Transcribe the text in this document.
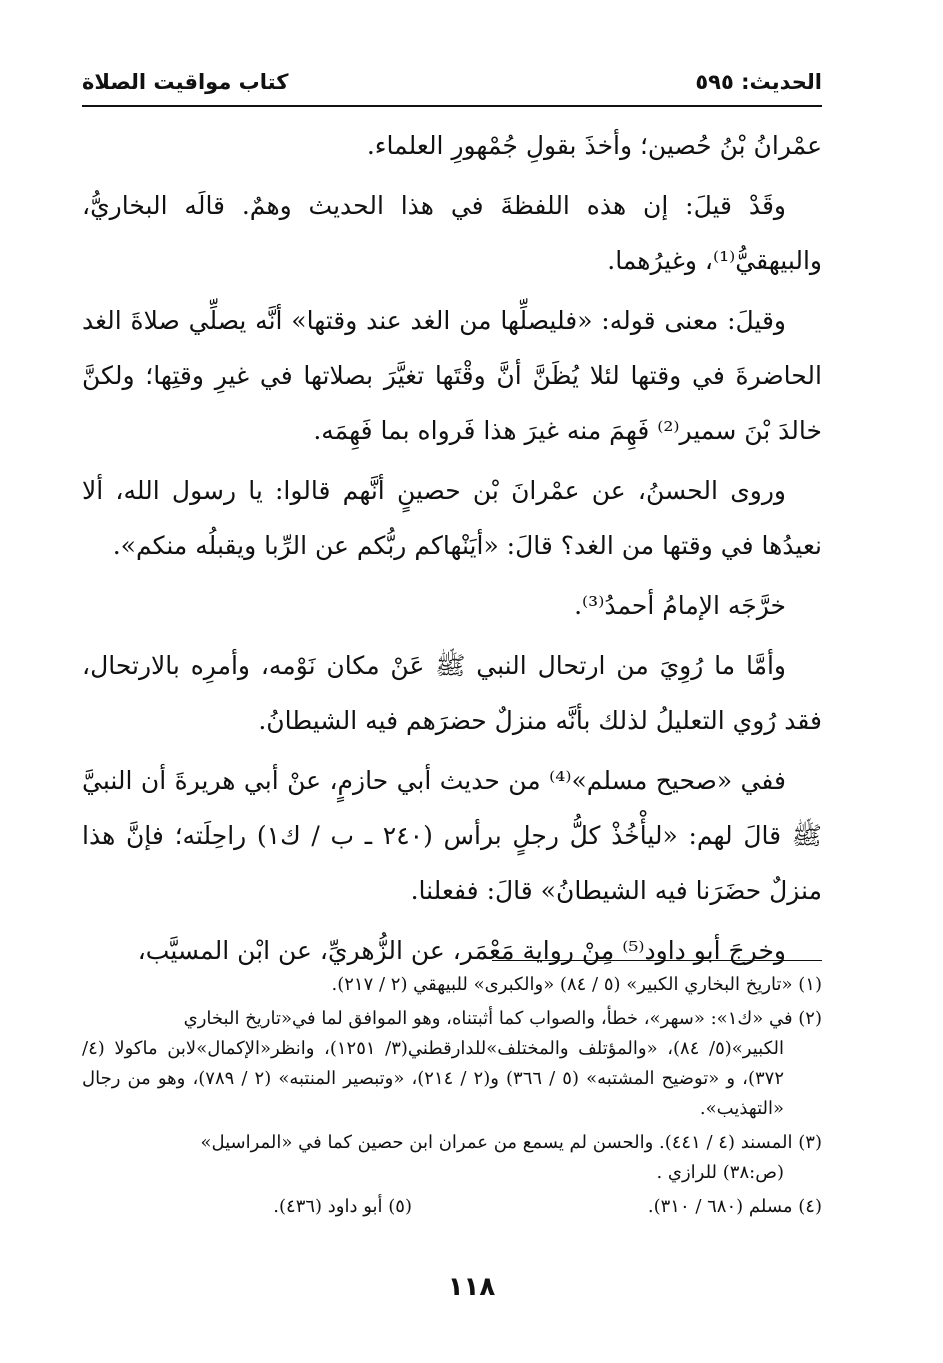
الحديث: ٥٩٥
كتاب مواقيت الصلاة

عمْرانُ بْنُ حُصين؛ وأخذَ بقولِ جُمْهورِ العلماء.

وقَدْ قيلَ: إن هذه اللفظةَ في هذا الحديث وهمٌ. قالَه البخاريُّ، والبيهقيُّ⁽¹⁾، وغيرُهما.

وقيلَ: معنى قوله: «فليصلِّها من الغد عند وقتها» أنَّه يصلِّي صلاةَ الغد الحاضرةَ في وقتها لئلا يُظَنَّ أنَّ وقْتَها تغيَّرَ بصلاتها في غيرِ وقتِها؛ ولكنَّ خالدَ بْنَ سمير⁽²⁾ فَهِمَ منه غيرَ هذا فَرواه بما فَهِمَه.

وروى الحسنُ، عن عمْرانَ بْن حصينٍ أنَّهم قالوا: يا رسول الله، ألا نعيدُها في وقتها من الغد؟ قالَ: «أيَنْهاكم ربُّكم عن الرِّبا ويقبلُه منكم».

خرَّجَه الإمامُ أحمدُ⁽³⁾.

وأمَّا ما رُوِيَ من ارتحال النبي ﷺ عَنْ مكان نَوْمه، وأمرِه بالارتحال، فقد رُوي التعليلُ لذلك بأنَّه منزلٌ حضرَهم فيه الشيطانُ.

ففي «صحيح مسلم»⁽⁴⁾ من حديث أبي حازمٍ، عنْ أبي هريرةَ أن النبيَّ ﷺ قالَ لهم: «ليأْخُذْ كلُّ رجلٍ برأس (٢٤٠ ـ ب / ك١) راحِلَته؛ فإنَّ هذا منزلٌ حضَرَنا فيه الشيطانُ» قالَ: ففعلنا.

وخرجَ أبو داود⁽⁵⁾ مِنْ رواية مَعْمَر، عن الزُّهريِّ، عن ابْن المسيَّب،

(١) «تاريخ البخاري الكبير» (٥ / ٨٤) «والكبرى» للبيهقي (٢ / ٢١٧).
(٢) في «ك١»: «سهر»، خطأ، والصواب كما أثبتناه، وهو الموافق لما في«تاريخ البخاري
الكبير»(٥/ ٨٤)، «والمؤتلف والمختلف»للدارقطني(٣/ ١٢٥١)، وانظر«الإكمال»لابن ماكولا (٤/ ٣٧٢)، و «توضيح المشتبه» (٥ / ٣٦٦) و(٢ / ٢١٤)، «وتبصير المنتبه» (٢ / ٧٨٩)، وهو من رجال «التهذيب».
(٣) المسند (٤ / ٤٤١). والحسن لم يسمع من عمران ابن حصين كما في «المراسيل»
(ص:٣٨) للرازي .
(٤) مسلم (٦٨٠ / ٣١٠).
(٥) أبو داود (٤٣٦).
١١٨
